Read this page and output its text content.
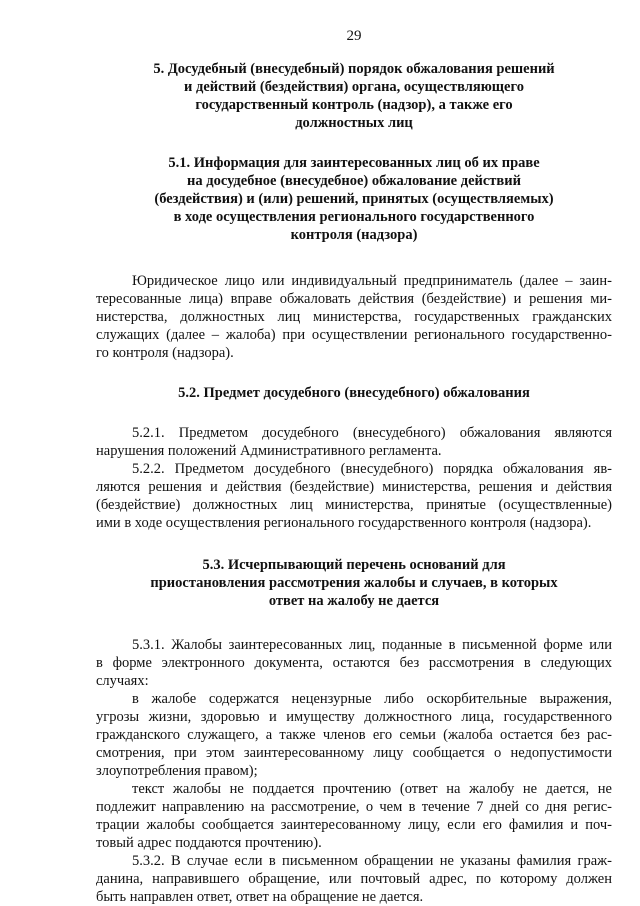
29
5. Досудебный (внесудебный) порядок обжалования решений
и действий (бездействия) органа, осуществляющего
государственный контроль (надзор), а также его
должностных лиц
5.1. Информация для заинтересованных лиц об их праве
на досудебное (внесудебное) обжалование действий
(бездействия) и (или) решений, принятых (осуществляемых)
в ходе осуществления регионального государственного
контроля (надзора)
Юридическое лицо или индивидуальный предприниматель (далее – заин-
тересованные лица) вправе обжаловать действия (бездействие) и решения ми-
нистерства, должностных лиц министерства, государственных гражданских
служащих (далее – жалоба) при осуществлении регионального государственно-
го контроля (надзора).
5.2. Предмет досудебного (внесудебного) обжалования
5.2.1. Предметом досудебного (внесудебного) обжалования являются
нарушения положений Административного регламента.
5.2.2. Предметом досудебного (внесудебного) порядка обжалования яв-
ляются решения и действия (бездействие) министерства, решения и действия
(бездействие) должностных лиц министерства, принятые (осуществленные)
ими в ходе осуществления регионального государственного контроля (надзора).
5.3. Исчерпывающий перечень оснований для
приостановления рассмотрения жалобы и случаев, в которых
ответ на жалобу не дается
5.3.1. Жалобы заинтересованных лиц, поданные в письменной форме или
в форме электронного документа, остаются без рассмотрения в следующих
случаях:
в жалобе содержатся нецензурные либо оскорбительные выражения,
угрозы жизни, здоровью и имуществу должностного лица, государственного
гражданского служащего, а также членов его семьи (жалоба остается без рас-
смотрения, при этом заинтересованному лицу сообщается о недопустимости
злоупотребления правом);
текст жалобы не поддается прочтению (ответ на жалобу не дается, не
подлежит направлению на рассмотрение, о чем в течение 7 дней со дня регис-
трации жалобы сообщается заинтересованному лицу, если его фамилия и поч-
товый адрес поддаются прочтению).
5.3.2. В случае если в письменном обращении не указаны фамилия граж-
данина, направившего обращение, или почтовый адрес, по которому должен
быть направлен ответ, ответ на обращение не дается.
